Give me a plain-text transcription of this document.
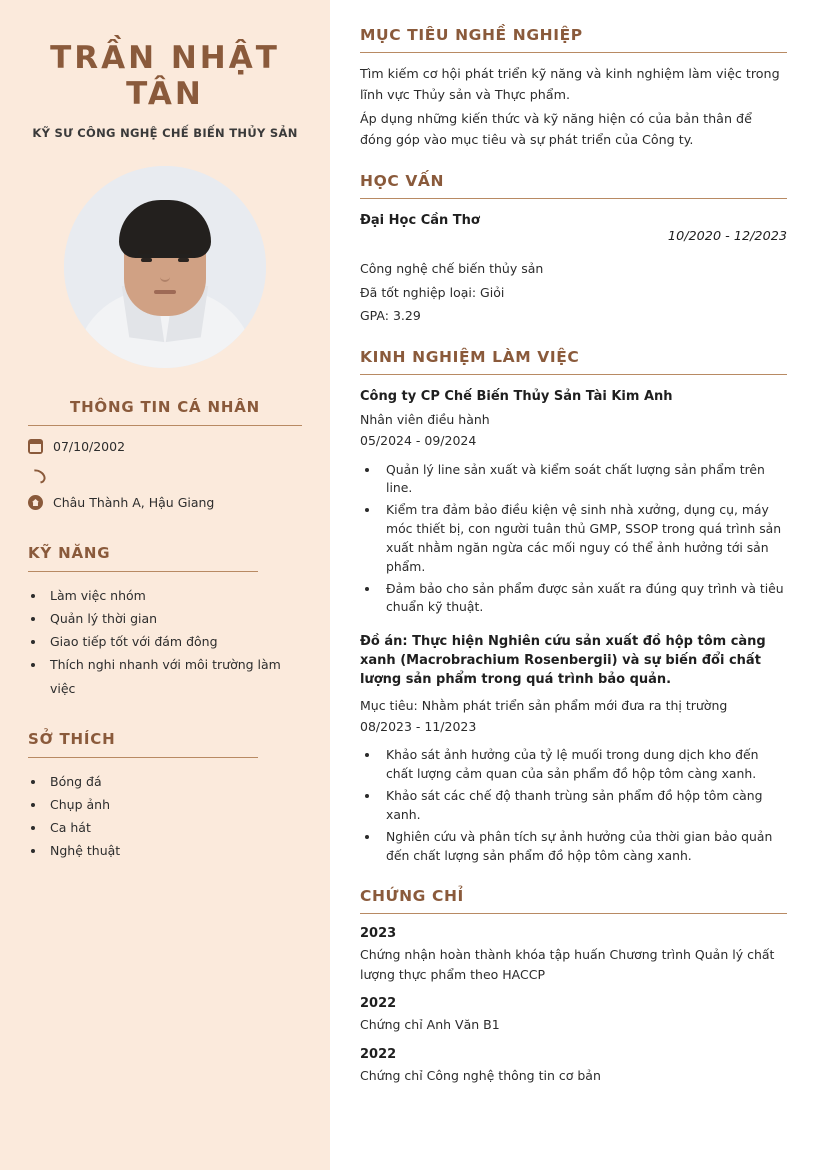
TRẦN NHẬT TÂN
KỸ SƯ CÔNG NGHỆ CHẾ BIẾN THỦY SẢN
THÔNG TIN CÁ NHÂN
07/10/2002
Châu Thành A, Hậu Giang
KỸ NĂNG
• Làm việc nhóm
• Quản lý thời gian
• Giao tiếp tốt với đám đông
• Thích nghi nhanh với môi trường làm việc
SỞ THÍCH
• Bóng đá
• Chụp ảnh
• Ca hát
• Nghệ thuật
MỤC TIÊU NGHỀ NGHIỆP

Tìm kiếm cơ hội phát triển kỹ năng và kinh nghiệm làm việc trong lĩnh vực Thủy sản và Thực phẩm.

Áp dụng những kiến thức và kỹ năng hiện có của bản thân để đóng góp vào mục tiêu và sự phát triển của Công ty.

HỌC VẤN
Đại Học Cần Thơ
10/2020 - 12/2023
Công nghệ chế biến thủy sản
Đã tốt nghiệp loại: Giỏi
GPA: 3.29
KINH NGHIỆM LÀM VIỆC
Công ty CP Chế Biến Thủy Sản Tài Kim Anh
Nhân viên điều hành
05/2024 - 09/2024
• Quản lý line sản xuất và kiểm soát chất lượng sản phẩm trên line.
• Kiểm tra đảm bảo điều kiện vệ sinh nhà xưởng, dụng cụ, máy móc thiết bị, con người tuân thủ GMP, SSOP trong quá trình sản xuất nhằm ngăn ngừa các mối nguy có thể ảnh hưởng tới sản phẩm.
• Đảm bảo cho sản phẩm được sản xuất ra đúng quy trình và tiêu chuẩn kỹ thuật.
Đồ án: Thực hiện Nghiên cứu sản xuất đồ hộp tôm càng xanh (Macrobrachium Rosenbergii) và sự biến đổi chất lượng sản phẩm trong quá trình bảo quản.
Mục tiêu: Nhằm phát triển sản phẩm mới đưa ra thị trường
08/2023 - 11/2023
• Khảo sát ảnh hưởng của tỷ lệ muối trong dung dịch kho đến chất lượng cảm quan của sản phẩm đồ hộp tôm càng xanh.
• Khảo sát các chế độ thanh trùng sản phẩm đồ hộp tôm càng xanh.
• Nghiên cứu và phân tích sự ảnh hưởng của thời gian bảo quản đến chất lượng sản phẩm đồ hộp tôm càng xanh.
CHỨNG CHỈ
2023
Chứng nhận hoàn thành khóa tập huấn Chương trình Quản lý chất lượng thực phẩm theo HACCP
2022
Chứng chỉ Anh Văn B1
2022
Chứng chỉ Công nghệ thông tin cơ bản
